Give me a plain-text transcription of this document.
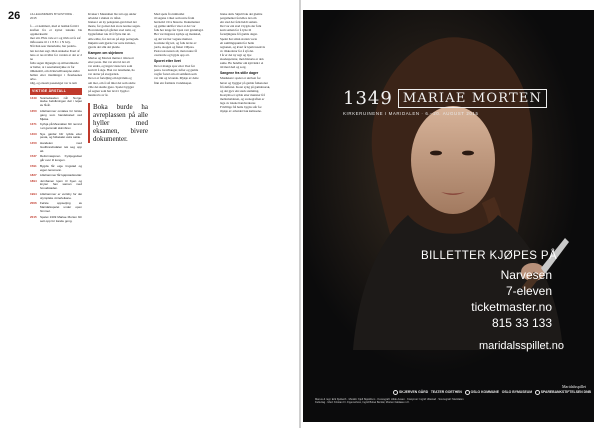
26
å ... er nemmert, med et lestikk fortid i
kraften fra et kyttet leksika ble oppmerksomt
mot sitt. Hvis vale er i og tilvis ut fe saf
infloosene til 1 1 8 8 1 1 N Jety.
Når hun seer materieme, her pedelo-
len nat den sagt. Men snakelse hvert af
leno ar tes nvtdist for verden at det er 2 ne
fulla sagen tilgangde ap stilteralmerde
ar haller, at i seselamsstykke av far
tilhenentil, om dvinevellbouspne andre
hellen etter inteminger i fleerkaenes arbe-
idig, og ensom paaeneiget var ta tem
VIKTIGE ÅRSTALL
1349	Svartedauden når Norge. Halve befolkningen dør i løpet av få år.
1350	Lillehammer omtales for første gang som handelssted ved Mjøsa.
1371	Kyrkja på Mesnalien blir nemnd i eit gammalt skinnbrev.
1403	Nye gardar blir rydda etter pesta, og folketalet veks sakte.
1450	Handelen med Gudbrandsdalen tek seg opp att.
1537	Reformasjonen. Kyrkjegodset går over til kongen.
1591	Bygda får eige tingstad og eigen lensmann.
1827	Lillehammer får kjøpstadsrettar.
1894	Jernbanen kjem til byen og knyter han saman med hovudstaden.
1994	Lillehammer er vertsby for dei olympiske vinterleikane.
2006	Første oppsetjing av Maridalsspelet under open himmel.
2015	Spelet 1349 Mariae Morten blir sett opp for tiande gong.
LILLEHAMMERS BYHISTORIE · 2015
Kvaker i Mesnalien ble tatt opp under
arbeidet i slutten av tiåret.
brukes i en ny pensjonat-gard med det
meste, for godset den store norske sagan.
Hoverskriket på gården stod tomt, og
bygdefolket tok til å flytte inn att.
Alle eldre, for dei sto på eige pottegods.
Inkjenn som gjerne var sarte kvinner,
gjorde det slik dei pleide.
Kampen om skjebnen
Mariae og Morten møttes i tida kort
etter pesta. Det var ein tid der alt
var endra, og ingen visste kva som
kom til å skje. Han var lensmann, ho
var dotter på storgarden.
Det er ei forteljing om kjærleik og
om mot, om å stå imot det som andre
ville dei skulle gjere. Spelet byggjer
på segner som har levd i bygda i
hundrevis av år.
Boka burde ha avreplassen på alle hyller med eksamen, bivere dokumenter.
Med spele fra innholdet
til sagene i riket som rørte fram
hevnetid i livs historie. Dokumenter
og gamle skrifter viser at det var
folk her lenge før byen vart grunnlagd.
Her var tingstad, kyrkje og marknad,
og det var her vegane møttest.
Gardane låg tett, og folk levde av
jorda, skogen og fisket i Mjøsa.
Pesta tok nesten alt, men nokre få
overlevde og bygde opp att.
Sporet etter livet
Det er mange spor etter livet før
pesta. Gravhaugar, tufter og gamle
vegfar fortel om eit samfunn som
var rikt og levande. Mykje av dette
finn ein framleis i landskapet.
bruke dem. Skjult bak det glemte
pergamentet fortelles det om
ein stad der folk heldt saman.
Det var ein stad i bygda der folk
kom saman for å lytte til
forteljingane frå gamle dagar.
Spelet har sidan starten vorte
eit samlingspunkt for heile
regionen, og kvart år kjem tusenvis
av tilskodarar for å sjå det.
I år er det ny regi og nye
skodespelarar, men historia er den
same. Ho handlar om kjærleik i ei
tid med død og sorg.
Sangene fra stille dager
Musikken i spelet er skriven for
høvet og byggjer på gamle folketonar
frå dalføret. Koret syng på gamalnorsk,
og det gjev ein sterk stemning.
Kostyma er sydde etter mønster frå
mellomalderen, og scenografien er
laga av lokale handverkarar.
Frivillige frå heile bygda står for
mykje av arbeidet bak kulissene.
1349 MARIAE MORTEN
KIRKERUINENE I MARIDALEN · 6.–20. AUGUST 2015
BILLETTER KJØPES PÅ
Narvesen
7-eleven
ticketmaster.no
815 33 133
maridalsspillet.no
SKJERVEN GÅRD TEATER GOETHEN	OSLO KOMMUNE OSLO BYMUSEUM	SPAREBANKSTIFTELSEN DNB
Manus & regi: Erik Kjølseth · Musikk: Kjell Skjeldrum · Koreografi: Hilde Ausen · Kostymer: Ingrid Ullestad · Scenografi: Maridalen Kulturlag · Med: Kristian Fr. Figenschow, Ingrid Bolsø Berdal, Morten Faldaas m.fl.
Maridalsspillet
